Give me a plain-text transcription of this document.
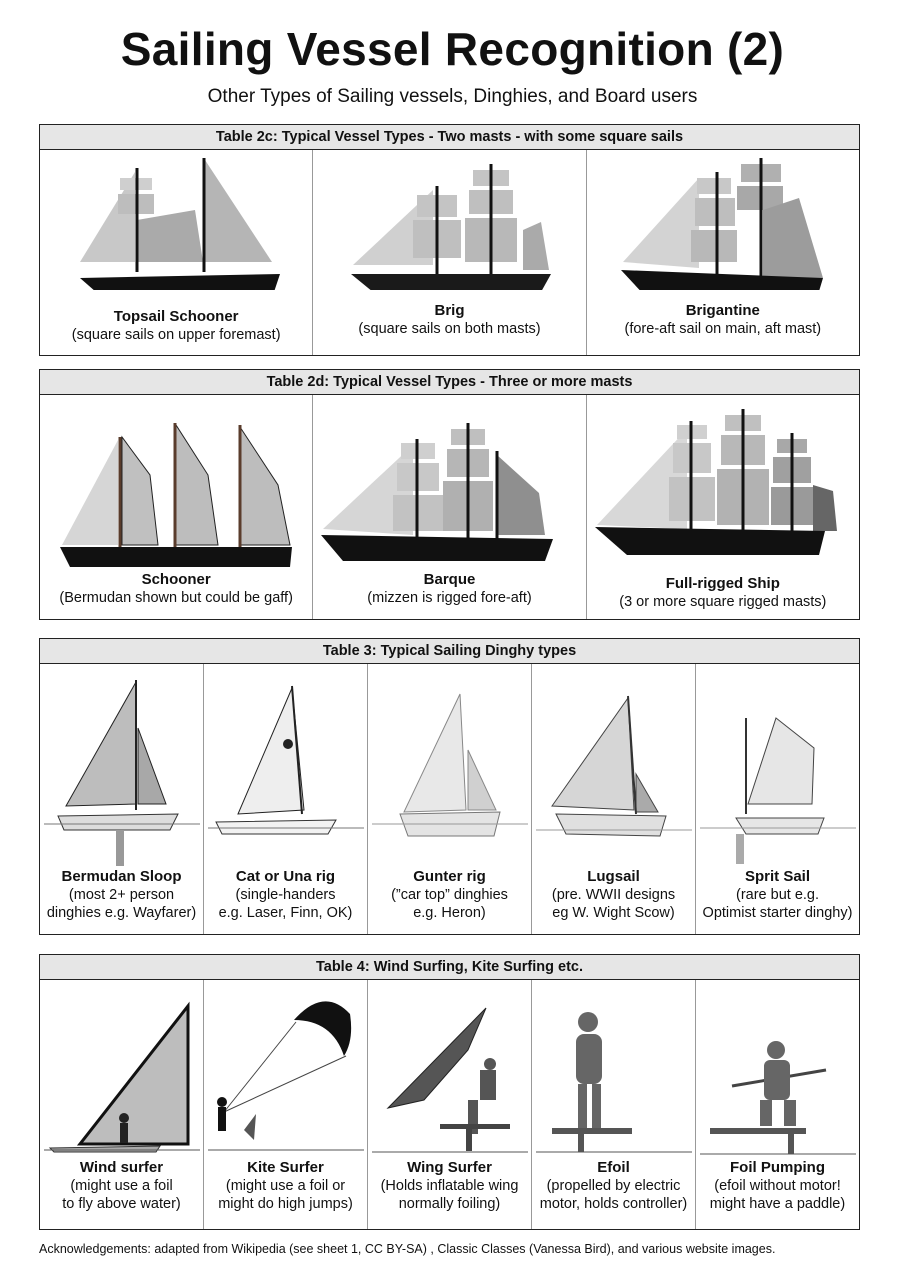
Sailing Vessel Recognition (2)
Other Types of Sailing vessels, Dinghies, and Board users
Table 2c: Typical Vessel Types - Two masts - with some square sails
Topsail Schooner
(square sails on upper foremast)
Brig
(square sails on both masts)
Brigantine
(fore-aft sail on main, aft mast)
Table 2d: Typical Vessel Types - Three or more masts
Schooner
(Bermudan shown but could be gaff)
Barque
(mizzen is rigged fore-aft)
Full-rigged Ship
(3 or more square rigged masts)
Table 3: Typical Sailing Dinghy types
Bermudan Sloop
(most 2+ person
dinghies e.g. Wayfarer)
Cat or Una rig
(single-handers
e.g. Laser, Finn, OK)
Gunter rig
(”car top” dinghies
e.g. Heron)
Lugsail
(pre. WWII designs
eg W. Wight Scow)
Sprit Sail
(rare but e.g.
Optimist starter dinghy)
Table 4: Wind Surfing, Kite Surfing etc.
Wind surfer
(might use a foil
to fly above water)
Kite Surfer
(might use a foil or
might do high jumps)
Wing Surfer
(Holds inflatable wing
normally foiling)
Efoil
(propelled by electric
motor, holds controller)
Foil Pumping
(efoil without motor!
might have a paddle)
Acknowledgements: adapted from Wikipedia (see sheet 1, CC BY-SA) , Classic Classes (Vanessa Bird), and various website images.
